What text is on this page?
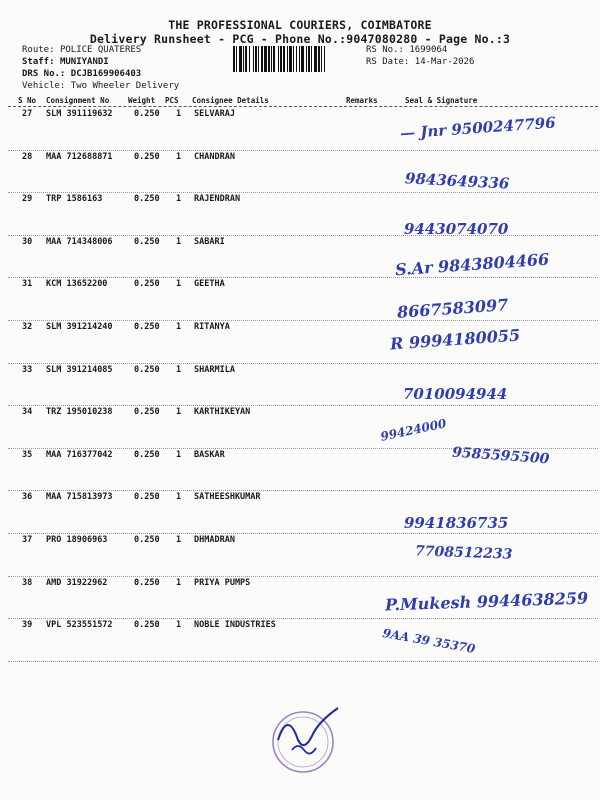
THE PROFESSIONAL COURIERS, COIMBATORE
Delivery Runsheet - PCG - Phone No.:9047080280 - Page No.:3
Route: POLICE QUATERES
Staff: MUNIYANDI
DRS No.: DCJB169906403
Vehicle: Two Wheeler Delivery
RS No.: 1699064
RS Date: 14-Mar-2026
S No Consignment No	Weight PCS Consignee Details	Remarks	Seal & Signature
27 SLM 391119632	0.250 1 SELVARAJ	— Jnr 9500247796
28 MAA 712688871	0.250 1 CHANDRAN
9843649336
29 TRP 1586163	0.250 1 RAJENDRAN
9443074070
30 MAA 714348006	0.250 1 SABARI
S.Ar 9843804466
31 KCM 13652200	0.250 1 GEETHA
8667583097
32 SLM 391214240	0.250 1 RITANYA	R 9994180055
33 SLM 391214085	0.250 1 SHARMILA
7010094944
34 TRZ 195010238	0.250 1 KARTHIKEYAN
99424000
35 MAA 716377042	0.250 1 BASKAR	9585595500
36 MAA 715813973	0.250 1 SATHEESHKUMAR
9941836735
37 PRO 18906963	0.250 1 DHMADRAN
7708512233
38 AMD 31922962	0.250 1 PRIYA PUMPS
P.Mukesh 9944638259
39 VPL 523551572	0.250 1 NOBLE INDUSTRIES
9AA 39 35370
